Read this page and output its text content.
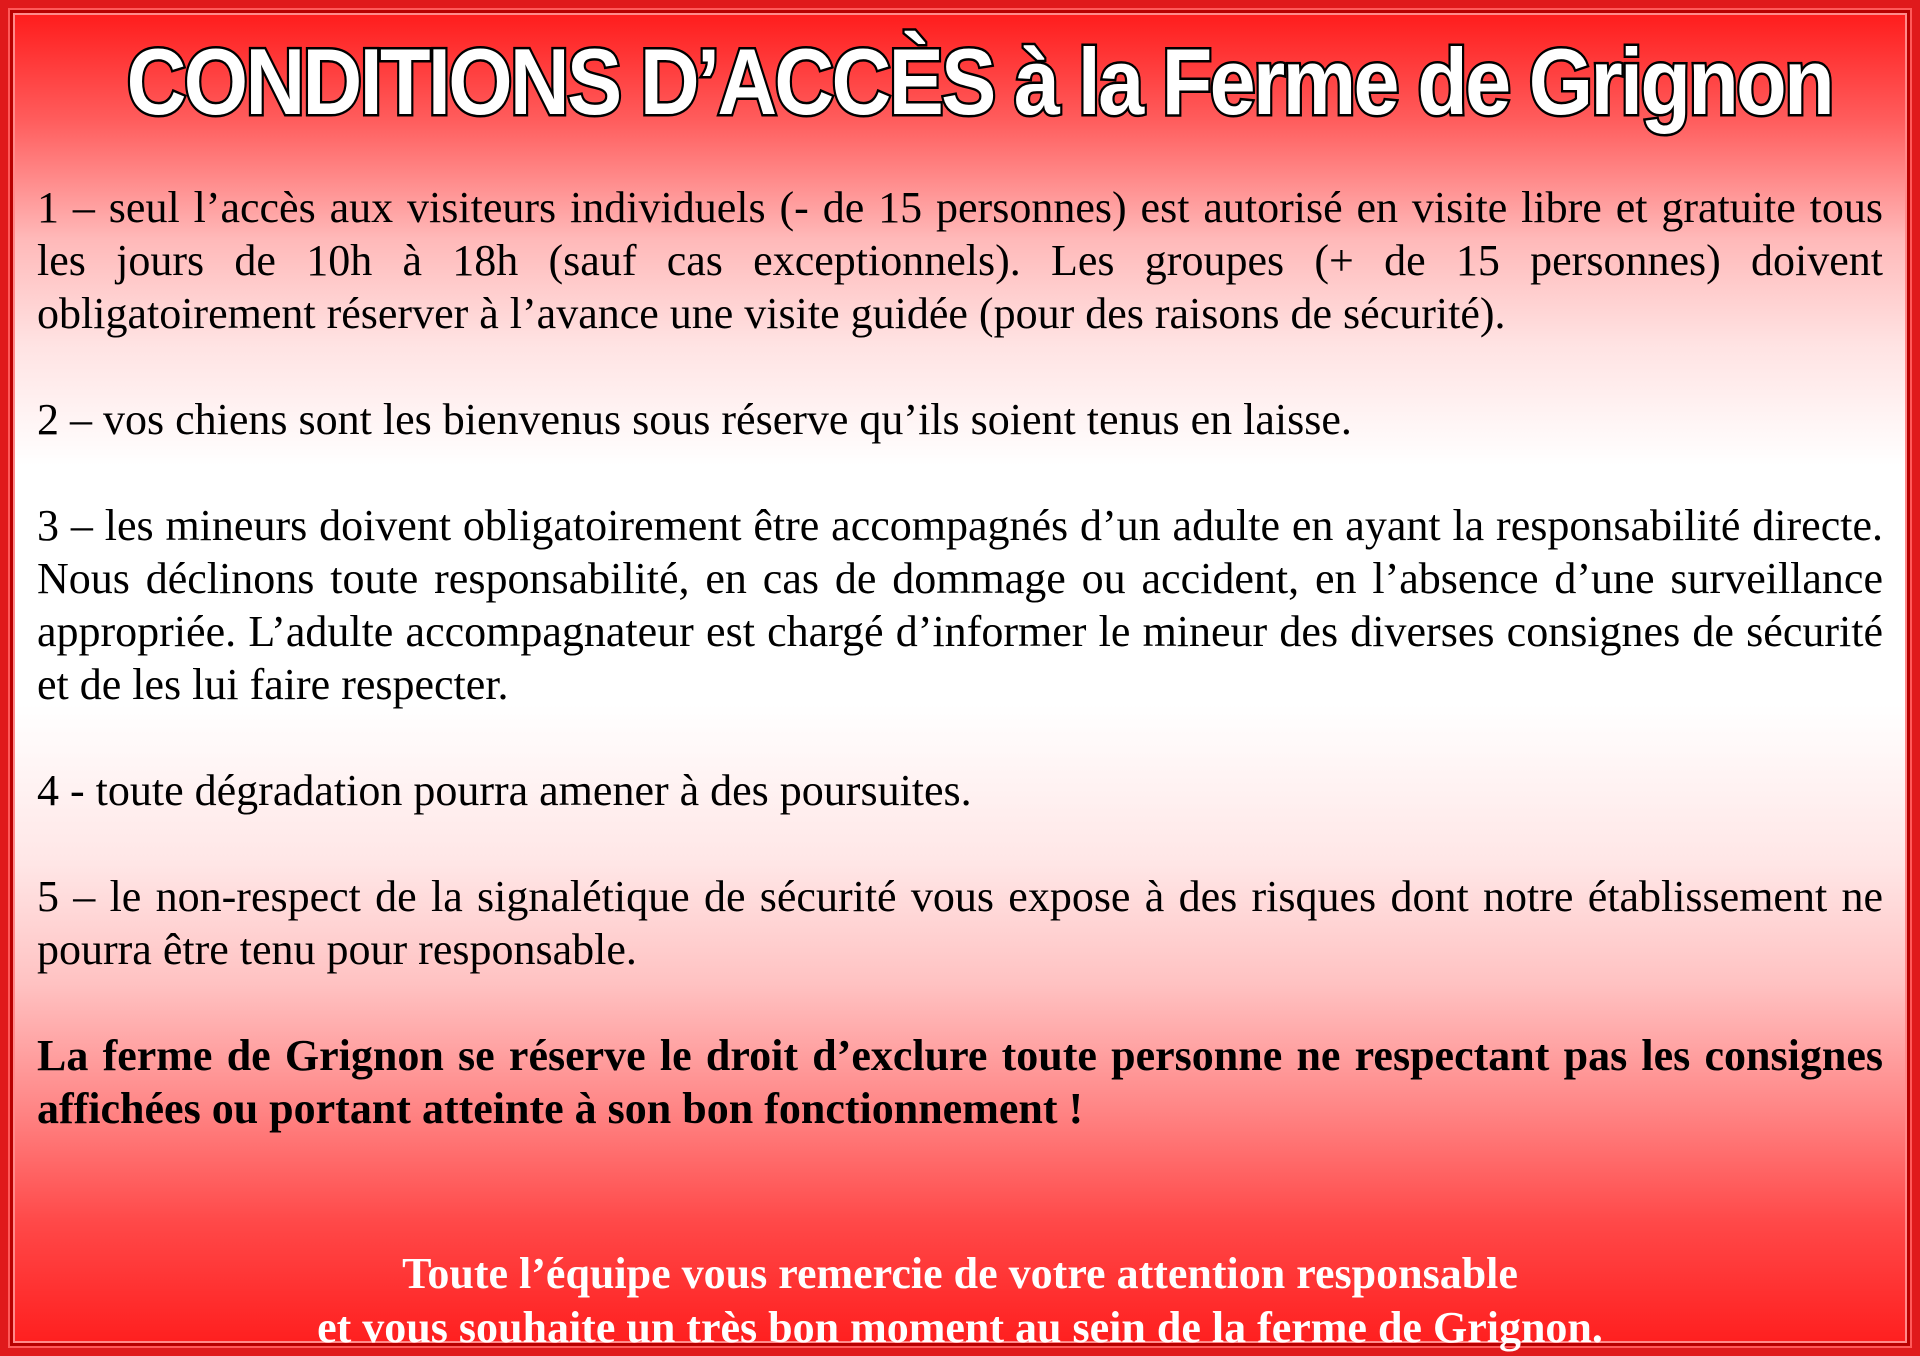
CONDITIONS D’ACCÈS à la Ferme de Grignon

1 – seul l’accès aux visiteurs individuels (- de 15 personnes) est autorisé en visite libre et gratuite tous les jours de 10h à 18h (sauf cas exceptionnels). Les groupes (+ de 15 personnes) doivent obligatoirement réserver à l’avance une visite guidée (pour des raisons de sécurité).

2 – vos chiens sont les bienvenus sous réserve qu’ils soient tenus en laisse.

3 – les mineurs doivent obligatoirement être accompagnés d’un adulte en ayant la responsabilité directe. Nous déclinons toute responsabilité, en cas de dommage ou accident, en l’absence d’une surveillance appropriée. L’adulte accompagnateur est chargé d’informer le mineur des diverses consignes de sécurité et de les lui faire respecter.

4 - toute dégradation pourra amener à des poursuites.

5 – le non-respect de la signalétique de sécurité vous expose à des risques dont notre établissement ne pourra être tenu pour responsable.

La ferme de Grignon se réserve le droit d’exclure toute personne ne respectant pas les consignes affichées ou portant atteinte à son bon fonctionnement !

Toute l’équipe vous remercie de votre attention responsable
et vous souhaite un très bon moment au sein de la ferme de Grignon.
